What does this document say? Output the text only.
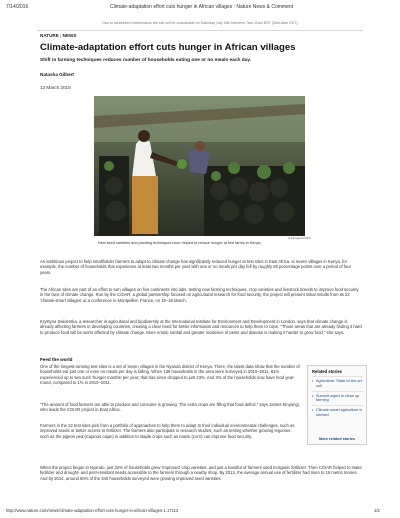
7/14/2016	Climate-adaptation effort cuts hunger in African villages : Nature News & Comment
Due to scheduled maintenance the site will be unavailable on Saturday July 16th between 7am-11am BST (2am-6am EDT)
NATURE | NEWS
Climate-adaptation effort cuts hunger in African villages
Shift in farming techniques reduces number of households eating one or no meals each day.
Natasha Gilbert
13 March 2015
IL Kintugo/CCAFS
New seed varieties and planting techniques have helped to reduce hunger at test farms in Kenya.

An ambitious project to help smallholder farmers to adapt to climate change has significantly reduced hunger at test sites in East Africa. In seven villages in Kenya, for example, the number of households that experience at least two months per year with one or no meals per day fell by roughly 80 percentage points over a period of four years.

The African sites are part of an effort to turn villages on five continents into labs, testing new farming techniques, crop varieties and livestock breeds to improve food security in the face of climate change. Run by the CGIAR, a global partnership focused on agricultural research for food security, the project will present initial results from its 22 'climate-smart villages' at a conference in Montpellier, France, on 16–18 March.

Krystyna Swiderska, a researcher in agricultural and biodiversity at the International Institute for Environment and Development in London, says that climate change is already affecting farmers in developing countries, creating a clear need for better information and resources to help them to cope. "Those areas that are already finding it hard to produce food will be worst affected by climate change. More erratic rainfall and greater incidence of pests and disease is making it harder to grow food," she says.

Feed the world

One of the longest-running test sites is a set of seven villages in the Nyando district of Kenya. There, the latest data show that the number of households eat just one or even no meals per day is falling. When 139 households in the area were surveyed in 2010–2011, 81% experienced up to two such 'hunger months' per year; that has since dropped to just 23%. And 3% of the households now have food year-round, compared to 1% in 2010–2011.

"The amount of food farmers are able to produce and consume is growing. The extra crops are filling that food deficit," says James Kinyangi, who leads the CGIAR project in East Africa.

Farmers in the 22 test sites pick from a portfolio of approaches to help them to adapt to their individual environmental challenges, such as improved seeds or better access to fertilizer. The farmers also participate in research studies, such as testing whether growing legumes such as the pigeon pea (Cajanus cajan) in addition to staple crops such as maize (corn) can improve food security.

When the project began in Nyando, just 32% of households grew 'improved' crop varieties, and just a handful of farmers used inorganic fertilizer. Then CGIAR helped to make fertilizer and drought- and pest-resistant seeds accessible to the farmers through a nearby shop. By 2013, the average annual use of fertilizer had risen to 16 metric tonnes. And by 2014, around 60% of the 340 households surveyed were growing improved seed varieties.

Related stories
• Agriculture: State-of-the-art soil
• Summit urged to clean up farming
• Climate-smart agriculture is needed
More related stories
http://www.nature.com/news/climate-adaptation-effort-cuts-hunger-in-african-villages-1.17112	1/2
